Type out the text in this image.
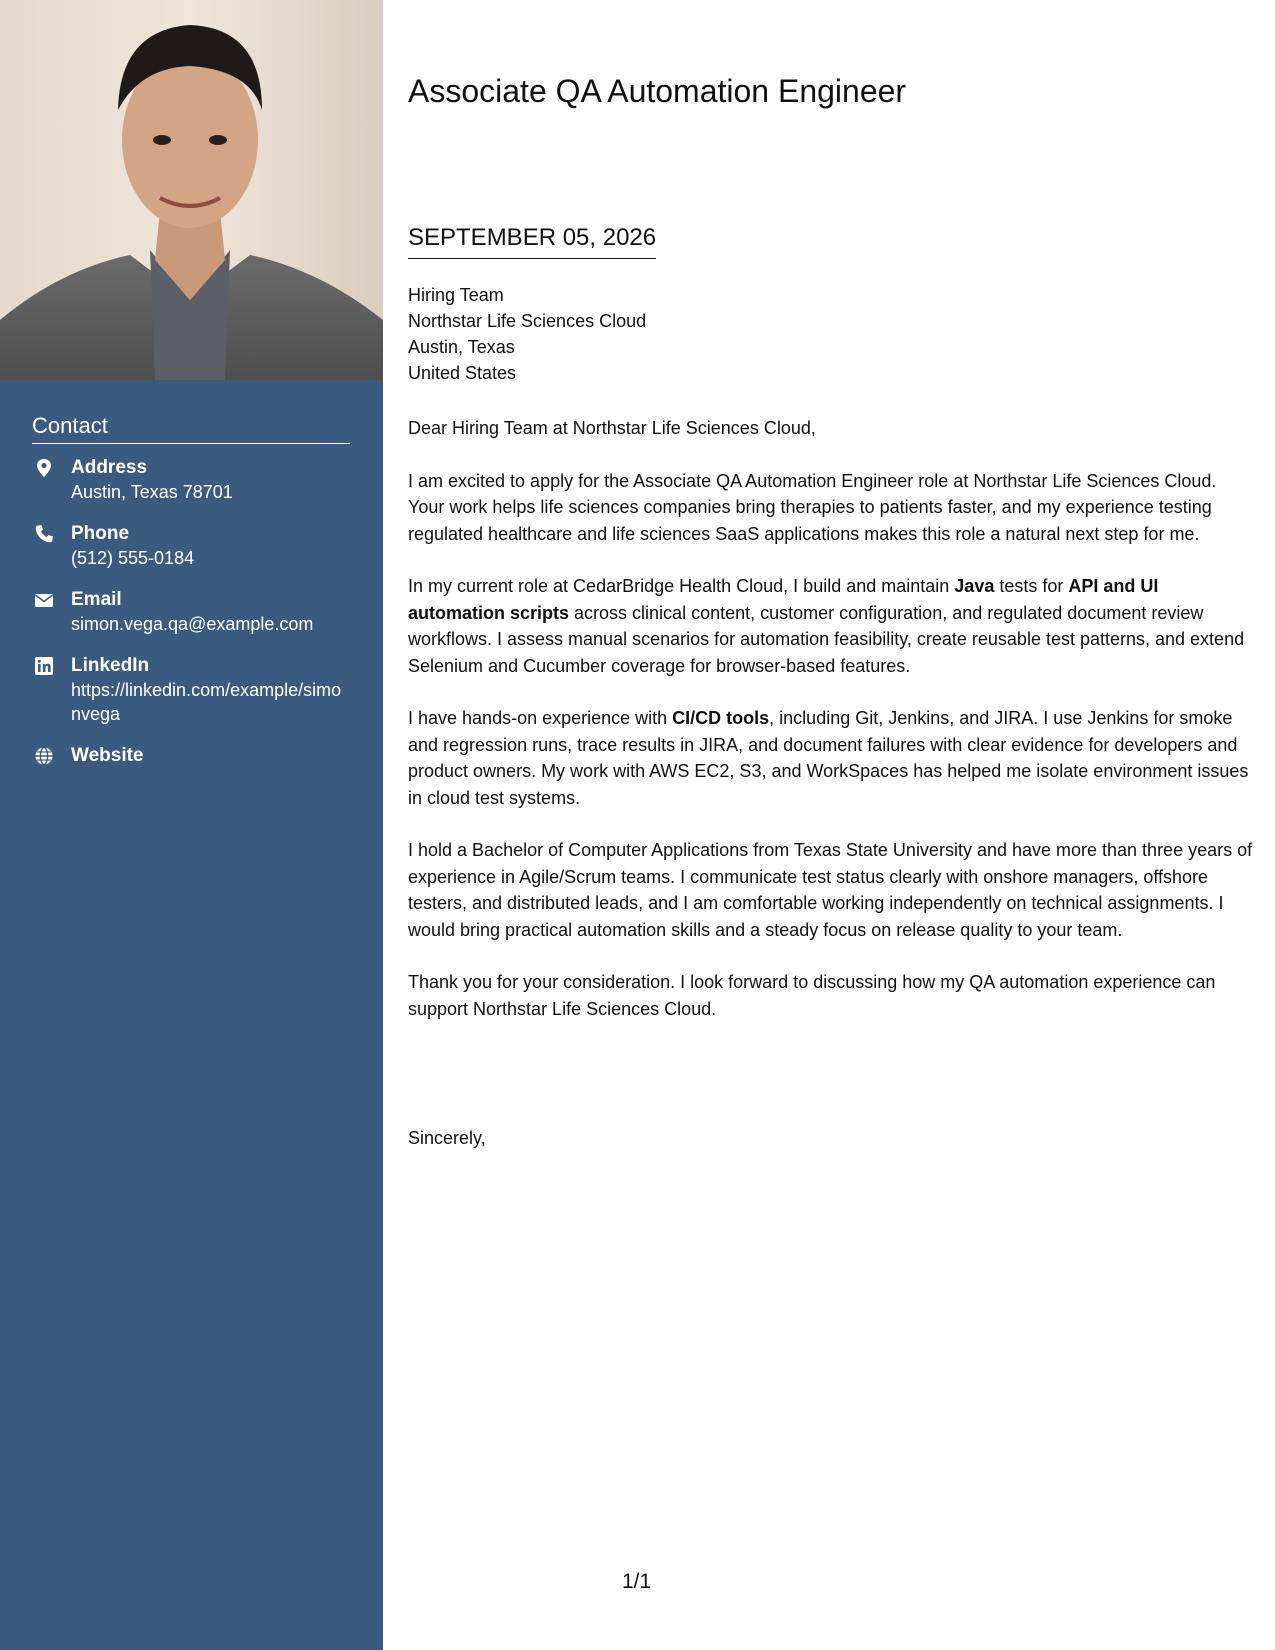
Contact
Address
Austin, Texas 78701
Phone
(512) 555-0184
Email
simon.vega.qa@example.com
LinkedIn
https://linkedin.com/example/simonvega
Website
Associate QA Automation Engineer
SEPTEMBER 05, 2026
Hiring Team
Northstar Life Sciences Cloud
Austin, Texas
United States

Dear Hiring Team at Northstar Life Sciences Cloud,

I am excited to apply for the Associate QA Automation Engineer role at Northstar Life Sciences Cloud. Your work helps life sciences companies bring therapies to patients faster, and my experience testing regulated healthcare and life sciences SaaS applications makes this role a natural next step for me.

In my current role at CedarBridge Health Cloud, I build and maintain Java tests for API and UI automation scripts across clinical content, customer configuration, and regulated document review workflows. I assess manual scenarios for automation feasibility, create reusable test patterns, and extend Selenium and Cucumber coverage for browser-based features.

I have hands-on experience with CI/CD tools, including Git, Jenkins, and JIRA. I use Jenkins for smoke and regression runs, trace results in JIRA, and document failures with clear evidence for developers and product owners. My work with AWS EC2, S3, and WorkSpaces has helped me isolate environment issues in cloud test systems.

I hold a Bachelor of Computer Applications from Texas State University and have more than three years of experience in Agile/Scrum teams. I communicate test status clearly with onshore managers, offshore testers, and distributed leads, and I am comfortable working independently on technical assignments. I would bring practical automation skills and a steady focus on release quality to your team.

Thank you for your consideration. I look forward to discussing how my QA automation experience can support Northstar Life Sciences Cloud.

Sincerely,
1/1
